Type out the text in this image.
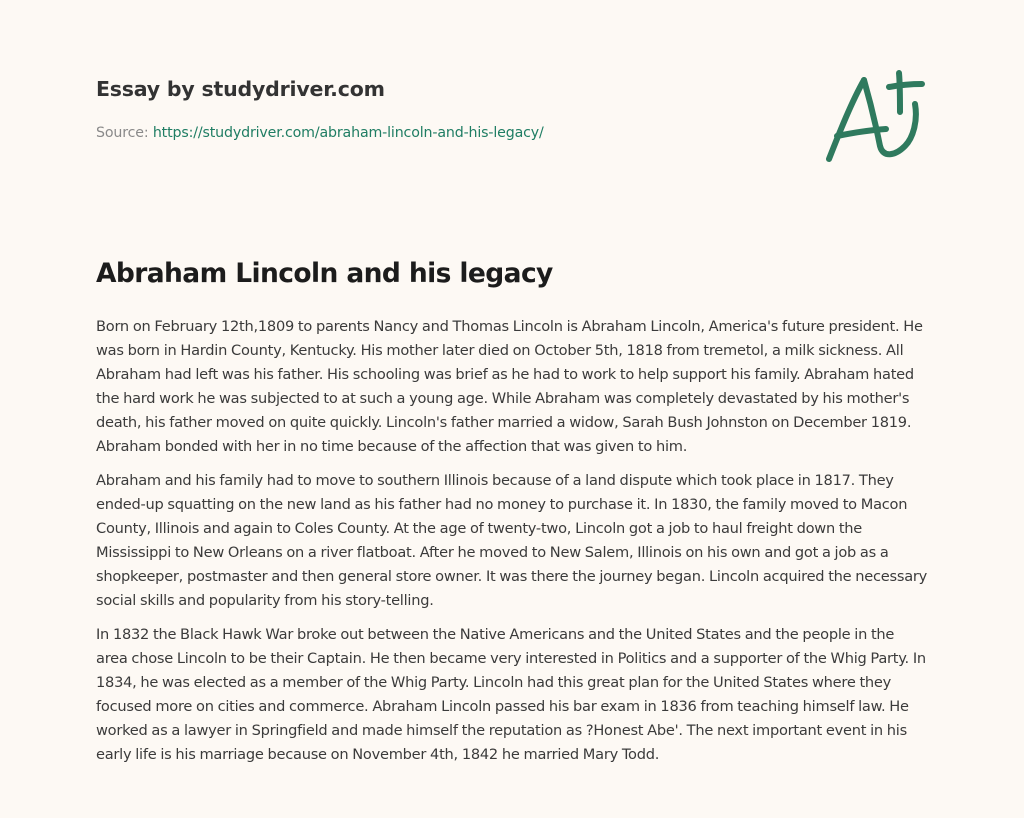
Essay by studydriver.com
Source: https://studydriver.com/abraham-lincoln-and-his-legacy/
Abraham Lincoln and his legacy

Born on February 12th,1809 to parents Nancy and Thomas Lincoln is Abraham Lincoln, America's future president. He was born in Hardin County, Kentucky. His mother later died on October 5th, 1818 from tremetol, a milk sickness. All Abraham had left was his father. His schooling was brief as he had to work to help support his family. Abraham hated the hard work he was subjected to at such a young age. While Abraham was completely devastated by his mother's death, his father moved on quite quickly. Lincoln's father married a widow, Sarah Bush Johnston on December 1819. Abraham bonded with her in no time because of the affection that was given to him.

Abraham and his family had to move to southern Illinois because of a land dispute which took place in 1817. They ended-up squatting on the new land as his father had no money to purchase it. In 1830, the family moved to Macon County, Illinois and again to Coles County. At the age of twenty-two, Lincoln got a job to haul freight down the Mississippi to New Orleans on a river flatboat. After he moved to New Salem, Illinois on his own and got a job as a shopkeeper, postmaster and then general store owner. It was there the journey began. Lincoln acquired the necessary social skills and popularity from his story-telling.

In 1832 the Black Hawk War broke out between the Native Americans and the United States and the people in the area chose Lincoln to be their Captain. He then became very interested in Politics and a supporter of the Whig Party. In 1834, he was elected as a member of the Whig Party. Lincoln had this great plan for the United States where they focused more on cities and commerce. Abraham Lincoln passed his bar exam in 1836 from teaching himself law. He worked as a lawyer in Springfield and made himself the reputation as ?Honest Abe'. The next important event in his early life is his marriage because on November 4th, 1842 he married Mary Todd.
